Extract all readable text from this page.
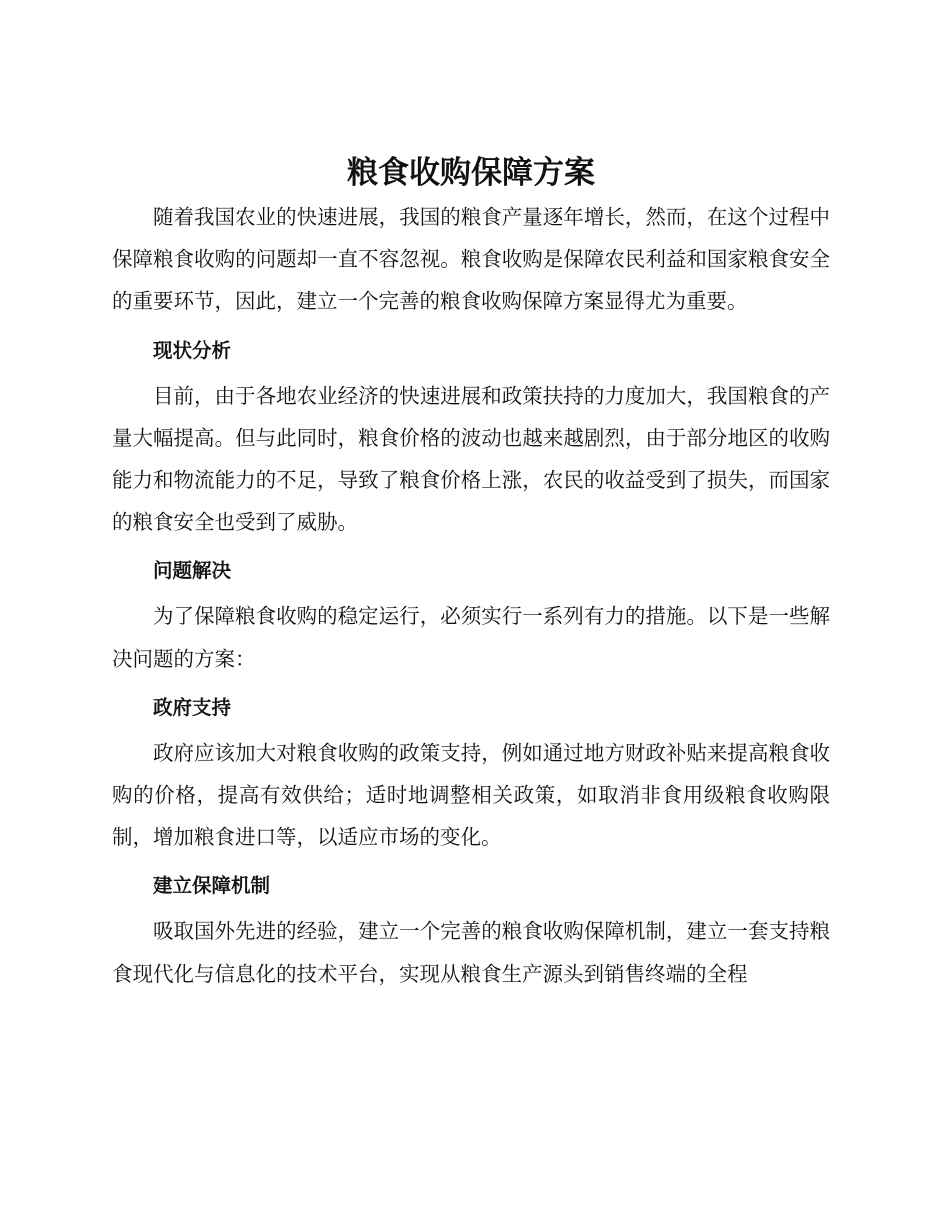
粮食收购保障方案

随着我国农业的快速进展，我国的粮食产量逐年增长，然而，在这个过程中保障粮食收购的问题却一直不容忽视。粮食收购是保障农民利益和国家粮食安全的重要环节，因此，建立一个完善的粮食收购保障方案显得尤为重要。

现状分析

目前，由于各地农业经济的快速进展和政策扶持的力度加大，我国粮食的产量大幅提高。但与此同时，粮食价格的波动也越来越剧烈，由于部分地区的收购能力和物流能力的不足，导致了粮食价格上涨，农民的收益受到了损失，而国家的粮食安全也受到了威胁。

问题解决

为了保障粮食收购的稳定运行，必须实行一系列有力的措施。以下是一些解决问题的方案：

政府支持

政府应该加大对粮食收购的政策支持，例如通过地方财政补贴来提高粮食收购的价格，提高有效供给；适时地调整相关政策，如取消非食用级粮食收购限制，增加粮食进口等，以适应市场的变化。

建立保障机制

吸取国外先进的经验，建立一个完善的粮食收购保障机制，建立一套支持粮食现代化与信息化的技术平台，实现从粮食生产源头到销售终端的全程
